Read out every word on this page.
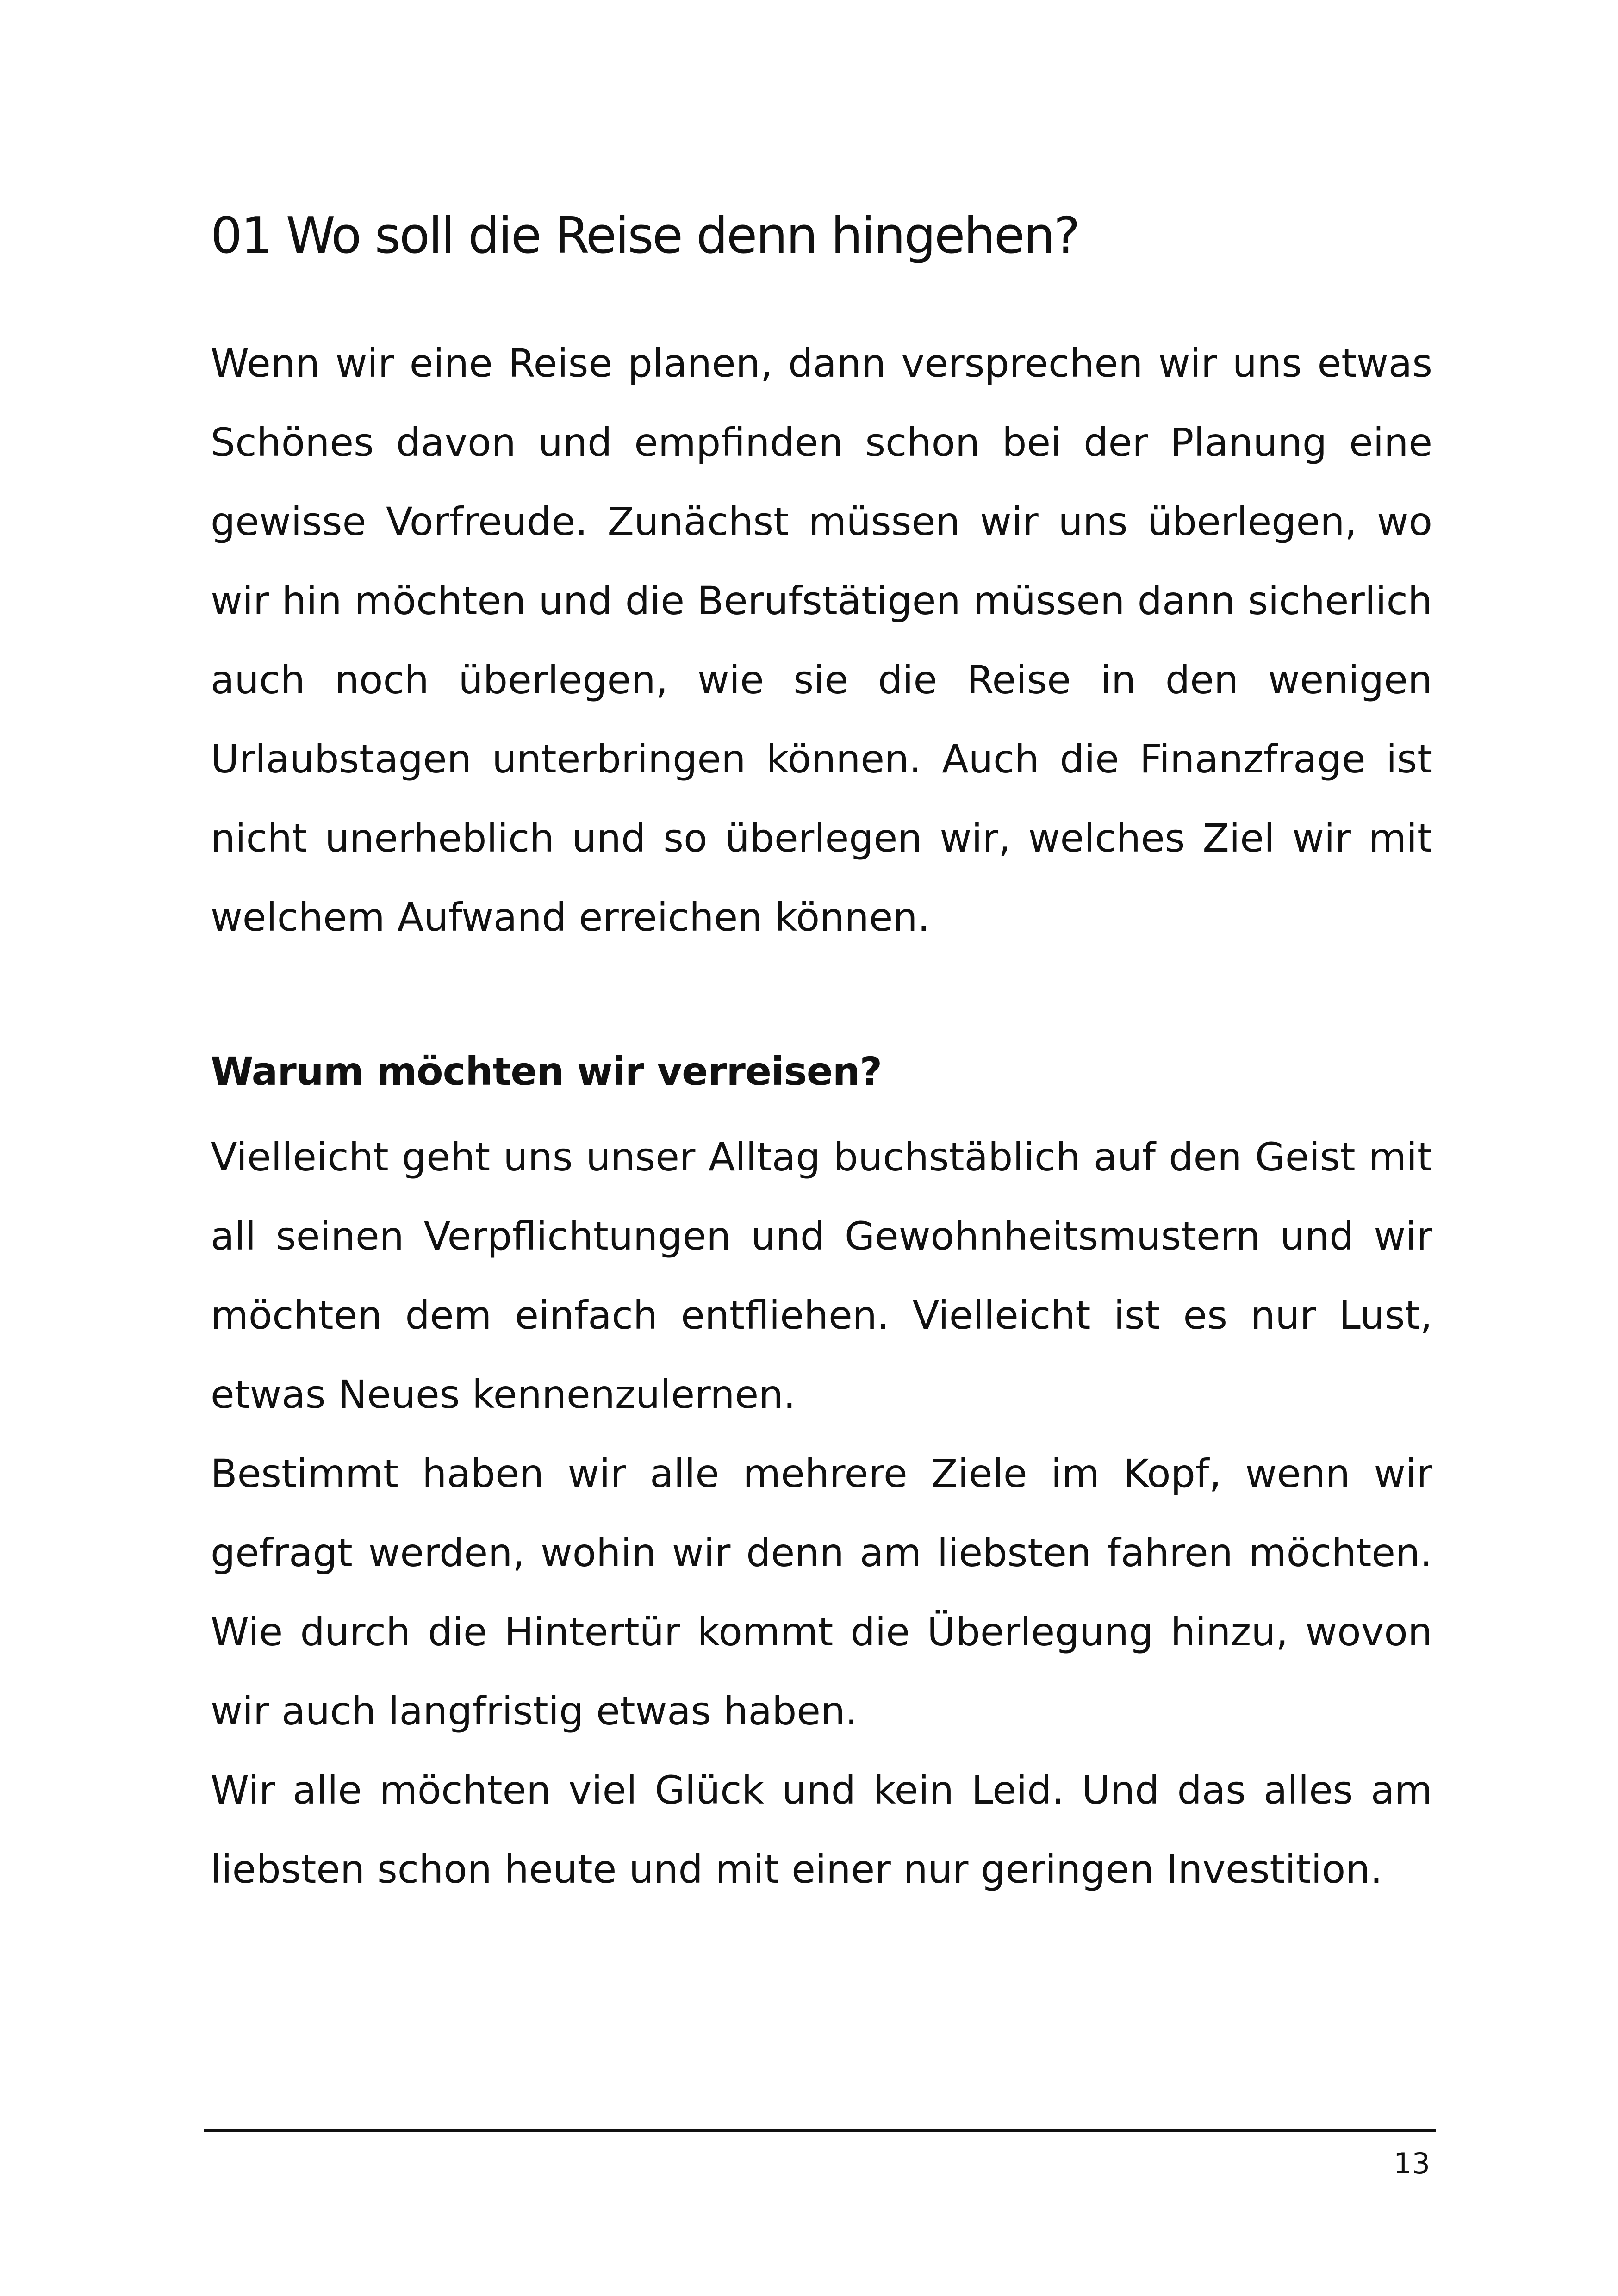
01 Wo soll die Reise denn hingehen?

Wenn wir eine Reise planen, dann versprechen wir uns etwas Schönes davon und empfinden schon bei der Planung eine gewisse Vorfreude. Zunächst müssen wir uns überlegen, wo wir hin möchten und die Berufstätigen müssen dann sicherlich auch noch überlegen, wie sie die Reise in den wenigen Urlaubstagen unterbringen können. Auch die Finanzfrage ist nicht unerheblich und so überlegen wir, welches Ziel wir mit welchem Aufwand erreichen können.

Warum möchten wir verreisen?

Vielleicht geht uns unser Alltag buchstäblich auf den Geist mit all seinen Verpflichtungen und Gewohnheitsmustern und wir möchten dem einfach entfliehen. Vielleicht ist es nur Lust, etwas Neues kennenzulernen.

Bestimmt haben wir alle mehrere Ziele im Kopf, wenn wir gefragt werden, wohin wir denn am liebsten fahren möchten. Wie durch die Hintertür kommt die Überlegung hinzu, wovon wir auch langfristig etwas haben.

Wir alle möchten viel Glück und kein Leid. Und das alles am liebsten schon heute und mit einer nur geringen Investition.

13
